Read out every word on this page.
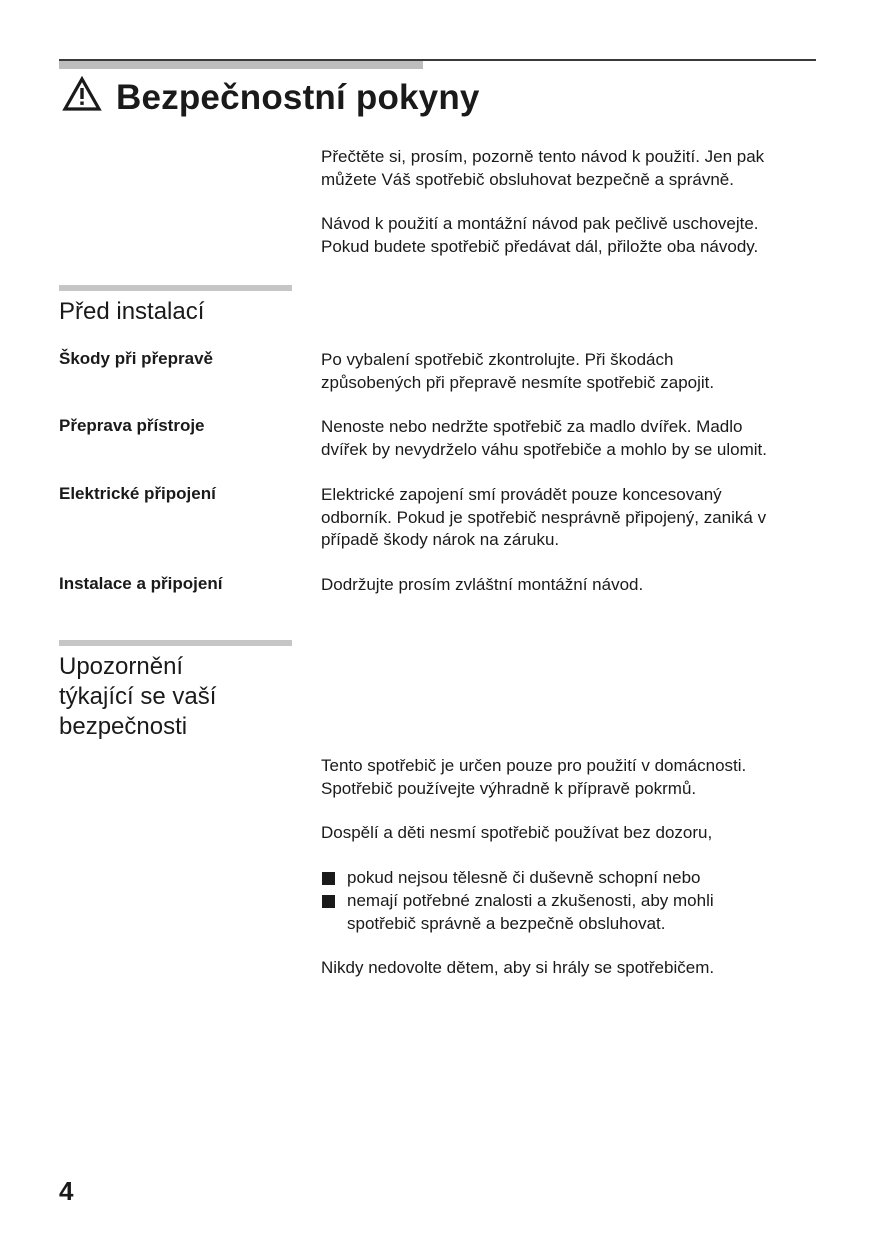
Bezpečnostní pokyny

Přečtěte si, prosím, pozorně tento návod k použití. Jen pak
můžete Váš spotřebič obsluhovat bezpečně a správně.

Návod k použití a montážní návod pak pečlivě uschovejte.
Pokud budete spotřebič předávat dál, přiložte oba návody.

Před instalací
Škody při přepravě	Po vybalení spotřebič zkontrolujte. Při škodách
způsobených při přepravě nesmíte spotřebič zapojit.

Přeprava přístroje	Nenoste nebo nedržte spotřebič za madlo dvířek. Madlo
dvířek by nevydrželo váhu spotřebiče a mohlo by se ulomit.

Elektrické připojení	Elektrické zapojení smí provádět pouze koncesovaný
odborník. Pokud je spotřebič nesprávně připojený, zaniká v
případě škody nárok na záruku.

Instalace a připojení	Dodržujte prosím zvláštní montážní návod.

Upozornění
týkající se vaší
bezpečnosti

Tento spotřebič je určen pouze pro použití v domácnosti.
Spotřebič používejte výhradně k přípravě pokrmů.

Dospělí a děti nesmí spotřebič používat bez dozoru,

pokud nejsou tělesně či duševně schopní nebo
nemají potřebné znalosti a zkušenosti, aby mohli
spotřebič správně a bezpečně obsluhovat.

Nikdy nedovolte dětem, aby si hrály se spotřebičem.

4
